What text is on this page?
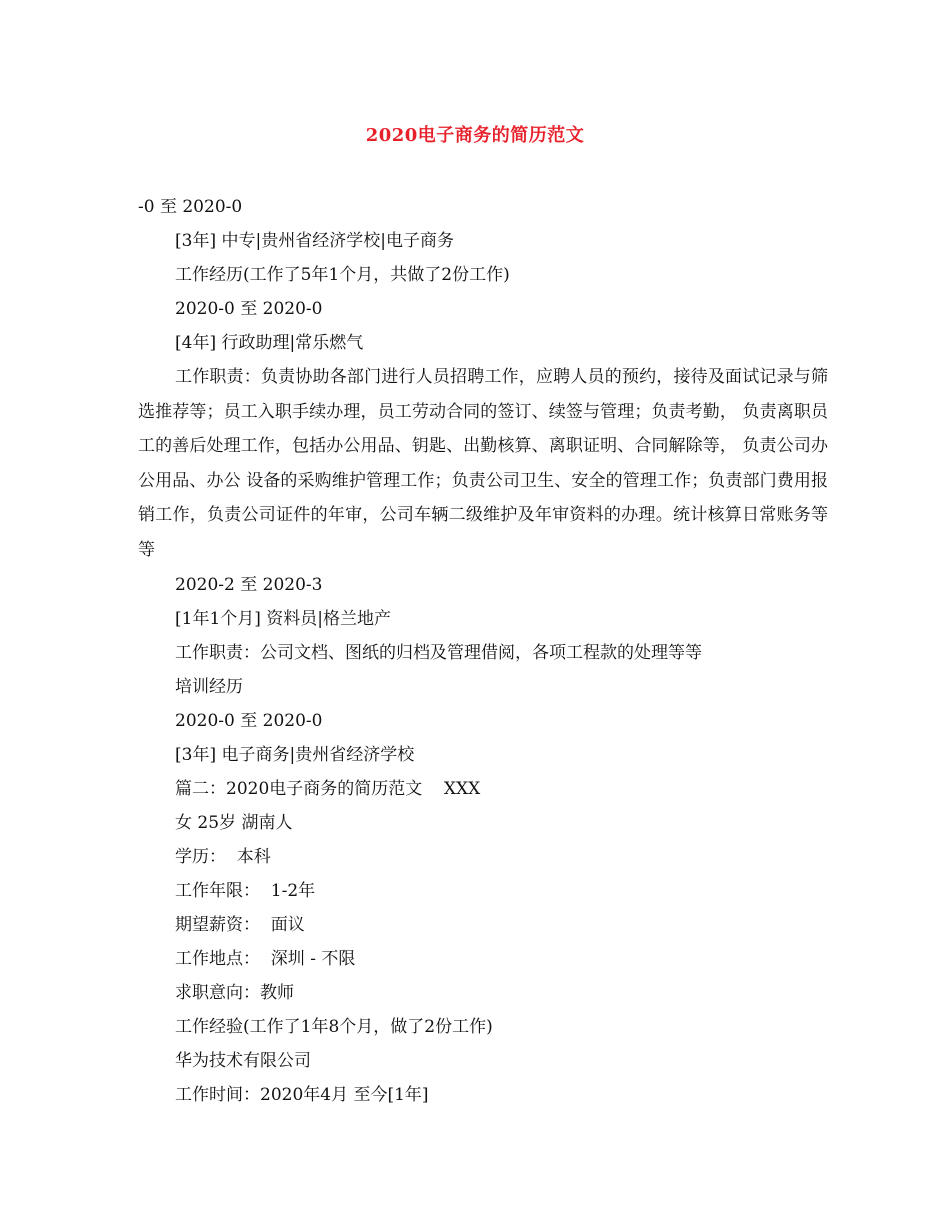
2020电子商务的简历范文
-0 至 2020-0
[3年] 中专|贵州省经济学校|电子商务
工作经历(工作了5年1个月，共做了2份工作)
2020-0 至 2020-0
[4年] 行政助理|常乐燃气

工作职责：负责协助各部门进行人员招聘工作，应聘人员的预约，接待及面试记录与筛选推荐等；员工入职手续办理，员工劳动合同的签订、续签与管理；负责考勤， 负责离职员工的善后处理工作，包括办公用品、钥匙、出勤核算、离职证明、合同解除等， 负责公司办公用品、办公 设备的采购维护管理工作；负责公司卫生、安全的管理工作；负责部门费用报销工作，负责公司证件的年审，公司车辆二级维护及年审资料的办理。统计核算日常账务等等

2020-2 至 2020-3
[1年1个月] 资料员|格兰地产
工作职责：公司文档、图纸的归档及管理借阅，各项工程款的处理等等
培训经历
2020-0 至 2020-0
[3年] 电子商务|贵州省经济学校
篇二：2020电子商务的简历范文    XXX
女 25岁 湖南人
学历：  本科
工作年限：  1-2年
期望薪资：  面议
工作地点：  深圳 - 不限
求职意向：教师
工作经验(工作了1年8个月，做了2份工作)
华为技术有限公司
工作时间：2020年4月 至今[1年]
